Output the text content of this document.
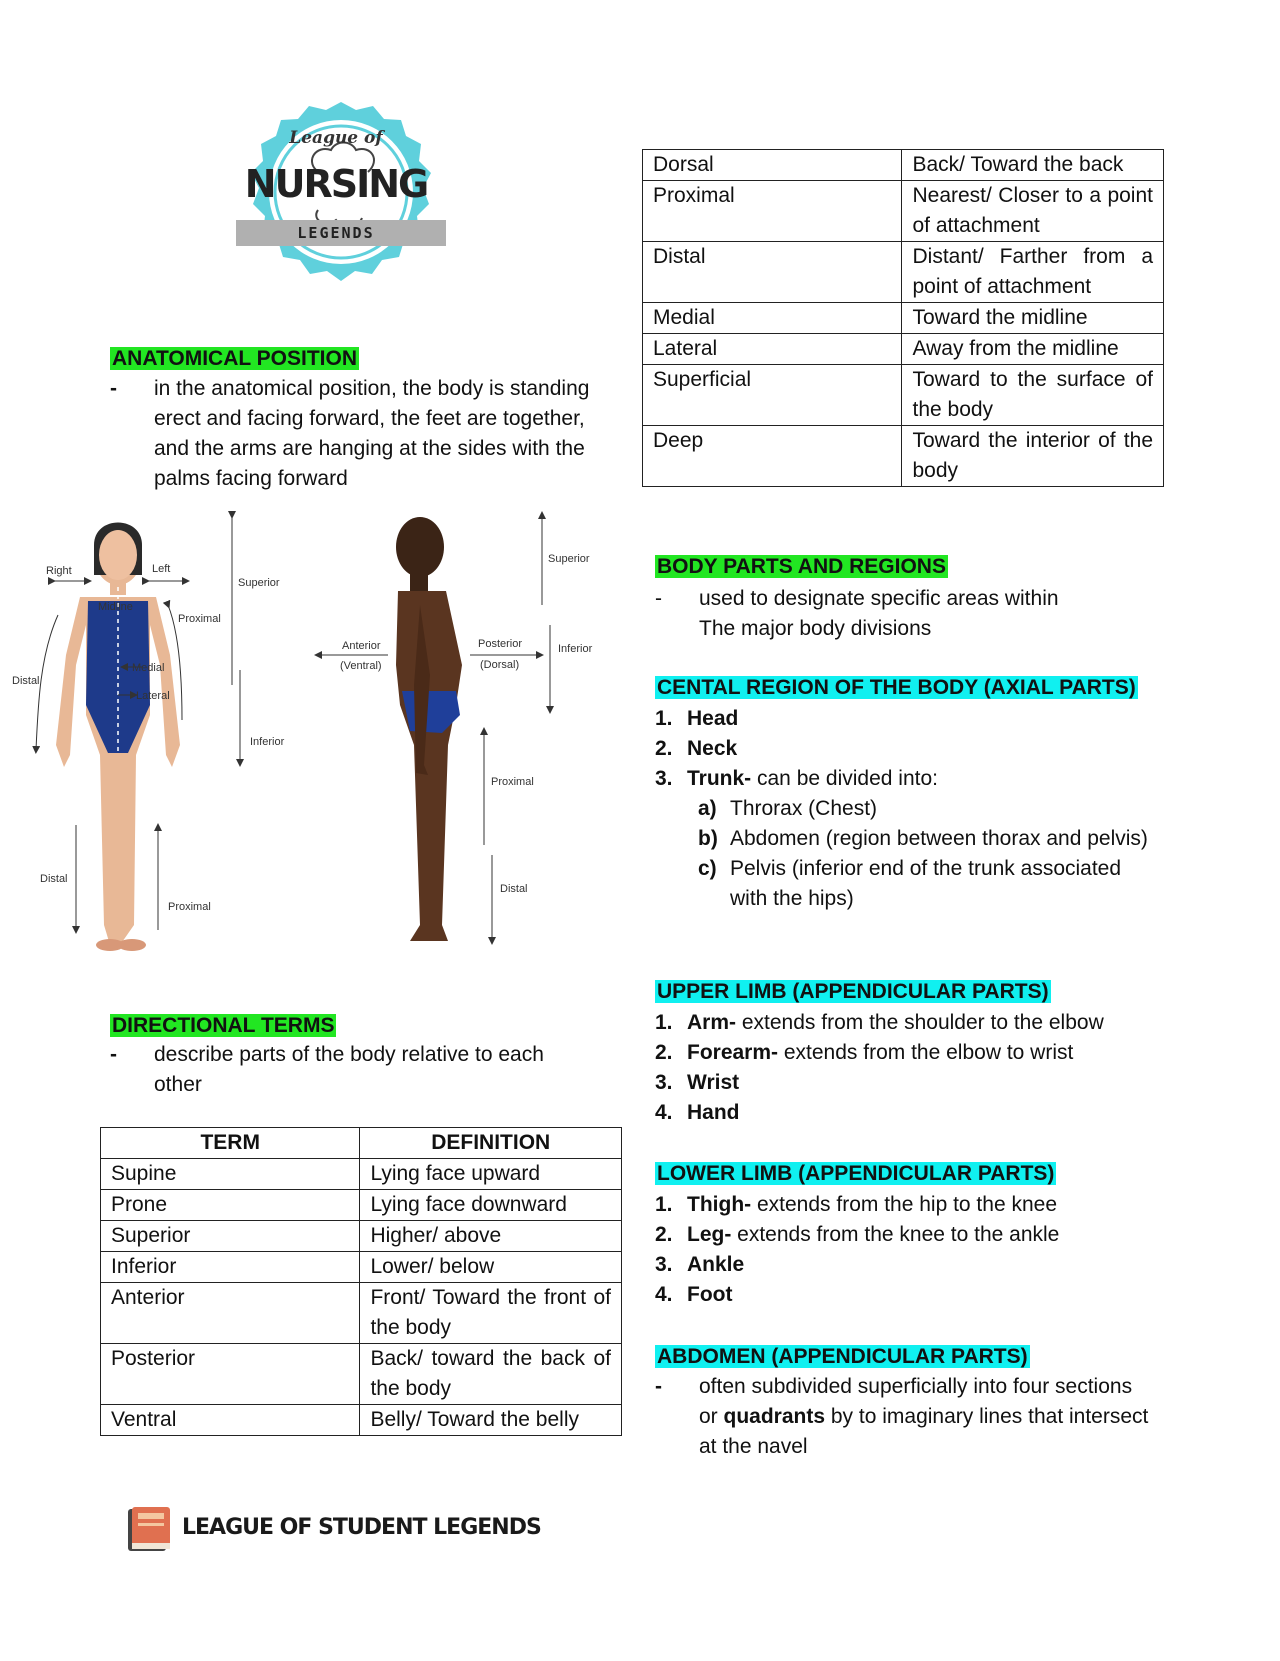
League of
NURSING
LEGENDS
ANATOMICAL POSITION
-	in the anatomical position, the body is standing erect and facing forward, the feet are together, and the arms are hanging at the sides with the palms facing forward
Right	Left
Midline
Proximal
Superior
Medial
Lateral
Distal
Inferior
Distal
Proximal
Superior
Anterior
(Ventral)
Posterior
(Dorsal)
Inferior
Proximal
Distal
DIRECTIONAL TERMS
-	describe parts of the body relative to each other
TERM	DEFINITION
Supine	Lying face upward
Prone	Lying face downward
Superior	Higher/ above
Inferior	Lower/ below
Anterior	Front/ Toward the front of the body
Posterior	Back/ toward the back of the body
Ventral	Belly/ Toward the belly
Dorsal	Back/ Toward the back
Proximal	Nearest/ Closer to a point of attachment
Distal	Distant/ Farther from a point of attachment
Medial	Toward the midline
Lateral	Away from the midline
Superficial	Toward to the surface of the body
Deep	Toward the interior of the body
BODY PARTS AND REGIONS
-	used to designate specific areas within
The major body divisions
CENTAL REGION OF THE BODY (AXIAL PARTS)
1. Head
2. Neck
3. Trunk- can be divided into:
a) Throrax (Chest)
b) Abdomen (region between thorax and pelvis)
c) Pelvis (inferior end of the trunk associated with the hips)
UPPER LIMB (APPENDICULAR PARTS)
1. Arm- extends from the shoulder to the elbow
2. Forearm- extends from the elbow to wrist
3. Wrist
4. Hand
LOWER LIMB (APPENDICULAR PARTS)
1. Thigh- extends from the hip to the knee
2. Leg- extends from the knee to the ankle
3. Ankle
4. Foot
ABDOMEN (APPENDICULAR PARTS)
-	often subdivided superficially into four sections or quadrants by to imaginary lines that intersect at the navel
LEAGUE OF STUDENT LEGENDS
